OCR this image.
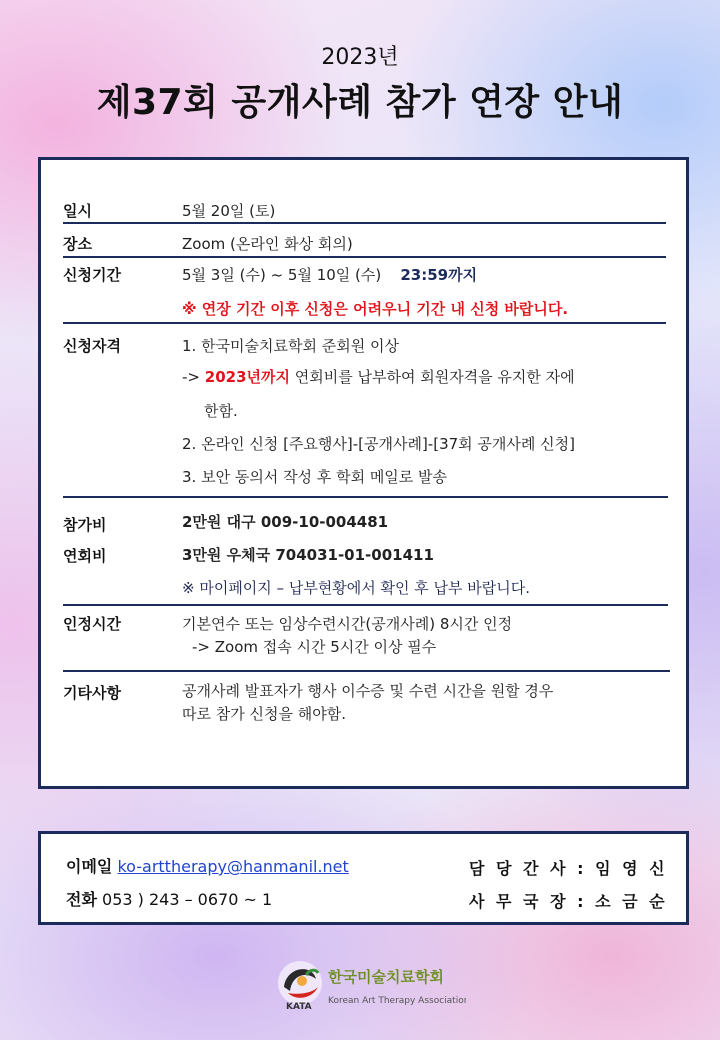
2023년
제37회 공개사례 참가 연장 안내
일시	5월 20일 (토)
장소	Zoom (온라인 화상 회의)
신청기간	5월 3일 (수) ~ 5월 10일 (수) 23:59까지
※ 연장 기간 이후 신청은 어려우니 기간 내 신청 바랍니다.
신청자격	1. 한국미술치료학회 준회원 이상
-> 2023년까지 연회비를 납부하여 회원자격을 유지한 자에
한함.
2. 온라인 신청 [주요행사]-[공개사례]-[37회 공개사례 신청]
3. 보안 동의서 작성 후 학회 메일로 발송
참가비	2만원 대구 009-10-004481
연회비	3만원 우체국 704031-01-001411
※ 마이페이지 – 납부현황에서 확인 후 납부 바랍니다.
인정시간	기본연수 또는 임상수련시간(공개사례) 8시간 인정
-> Zoom 접속 시간 5시간 이상 필수
기타사항	공개사례 발표자가 행사 이수증 및 수련 시간을 원할 경우
따로 참가 신청을 해야함.
이메일 ko-arttherapy@hanmanil.net
전화 053 ) 243 – 0670 ~ 1
담 당 간 사 : 임 영 신
사 무 국 장 : 소 금 순
KATA
한국미술치료학회
Korean Art Therapy Association
